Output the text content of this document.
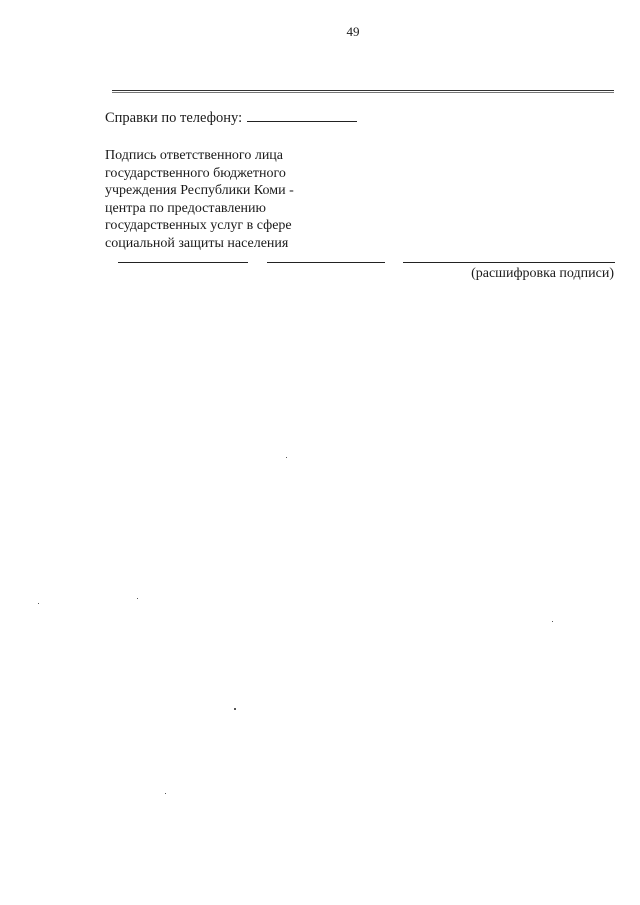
49
Справки по телефону:
Подпись ответственного лица
государственного бюджетного
учреждения Республики Коми -
центра по предоставлению
государственных услуг в сфере
социальной защиты населения
(расшифровка подписи)
